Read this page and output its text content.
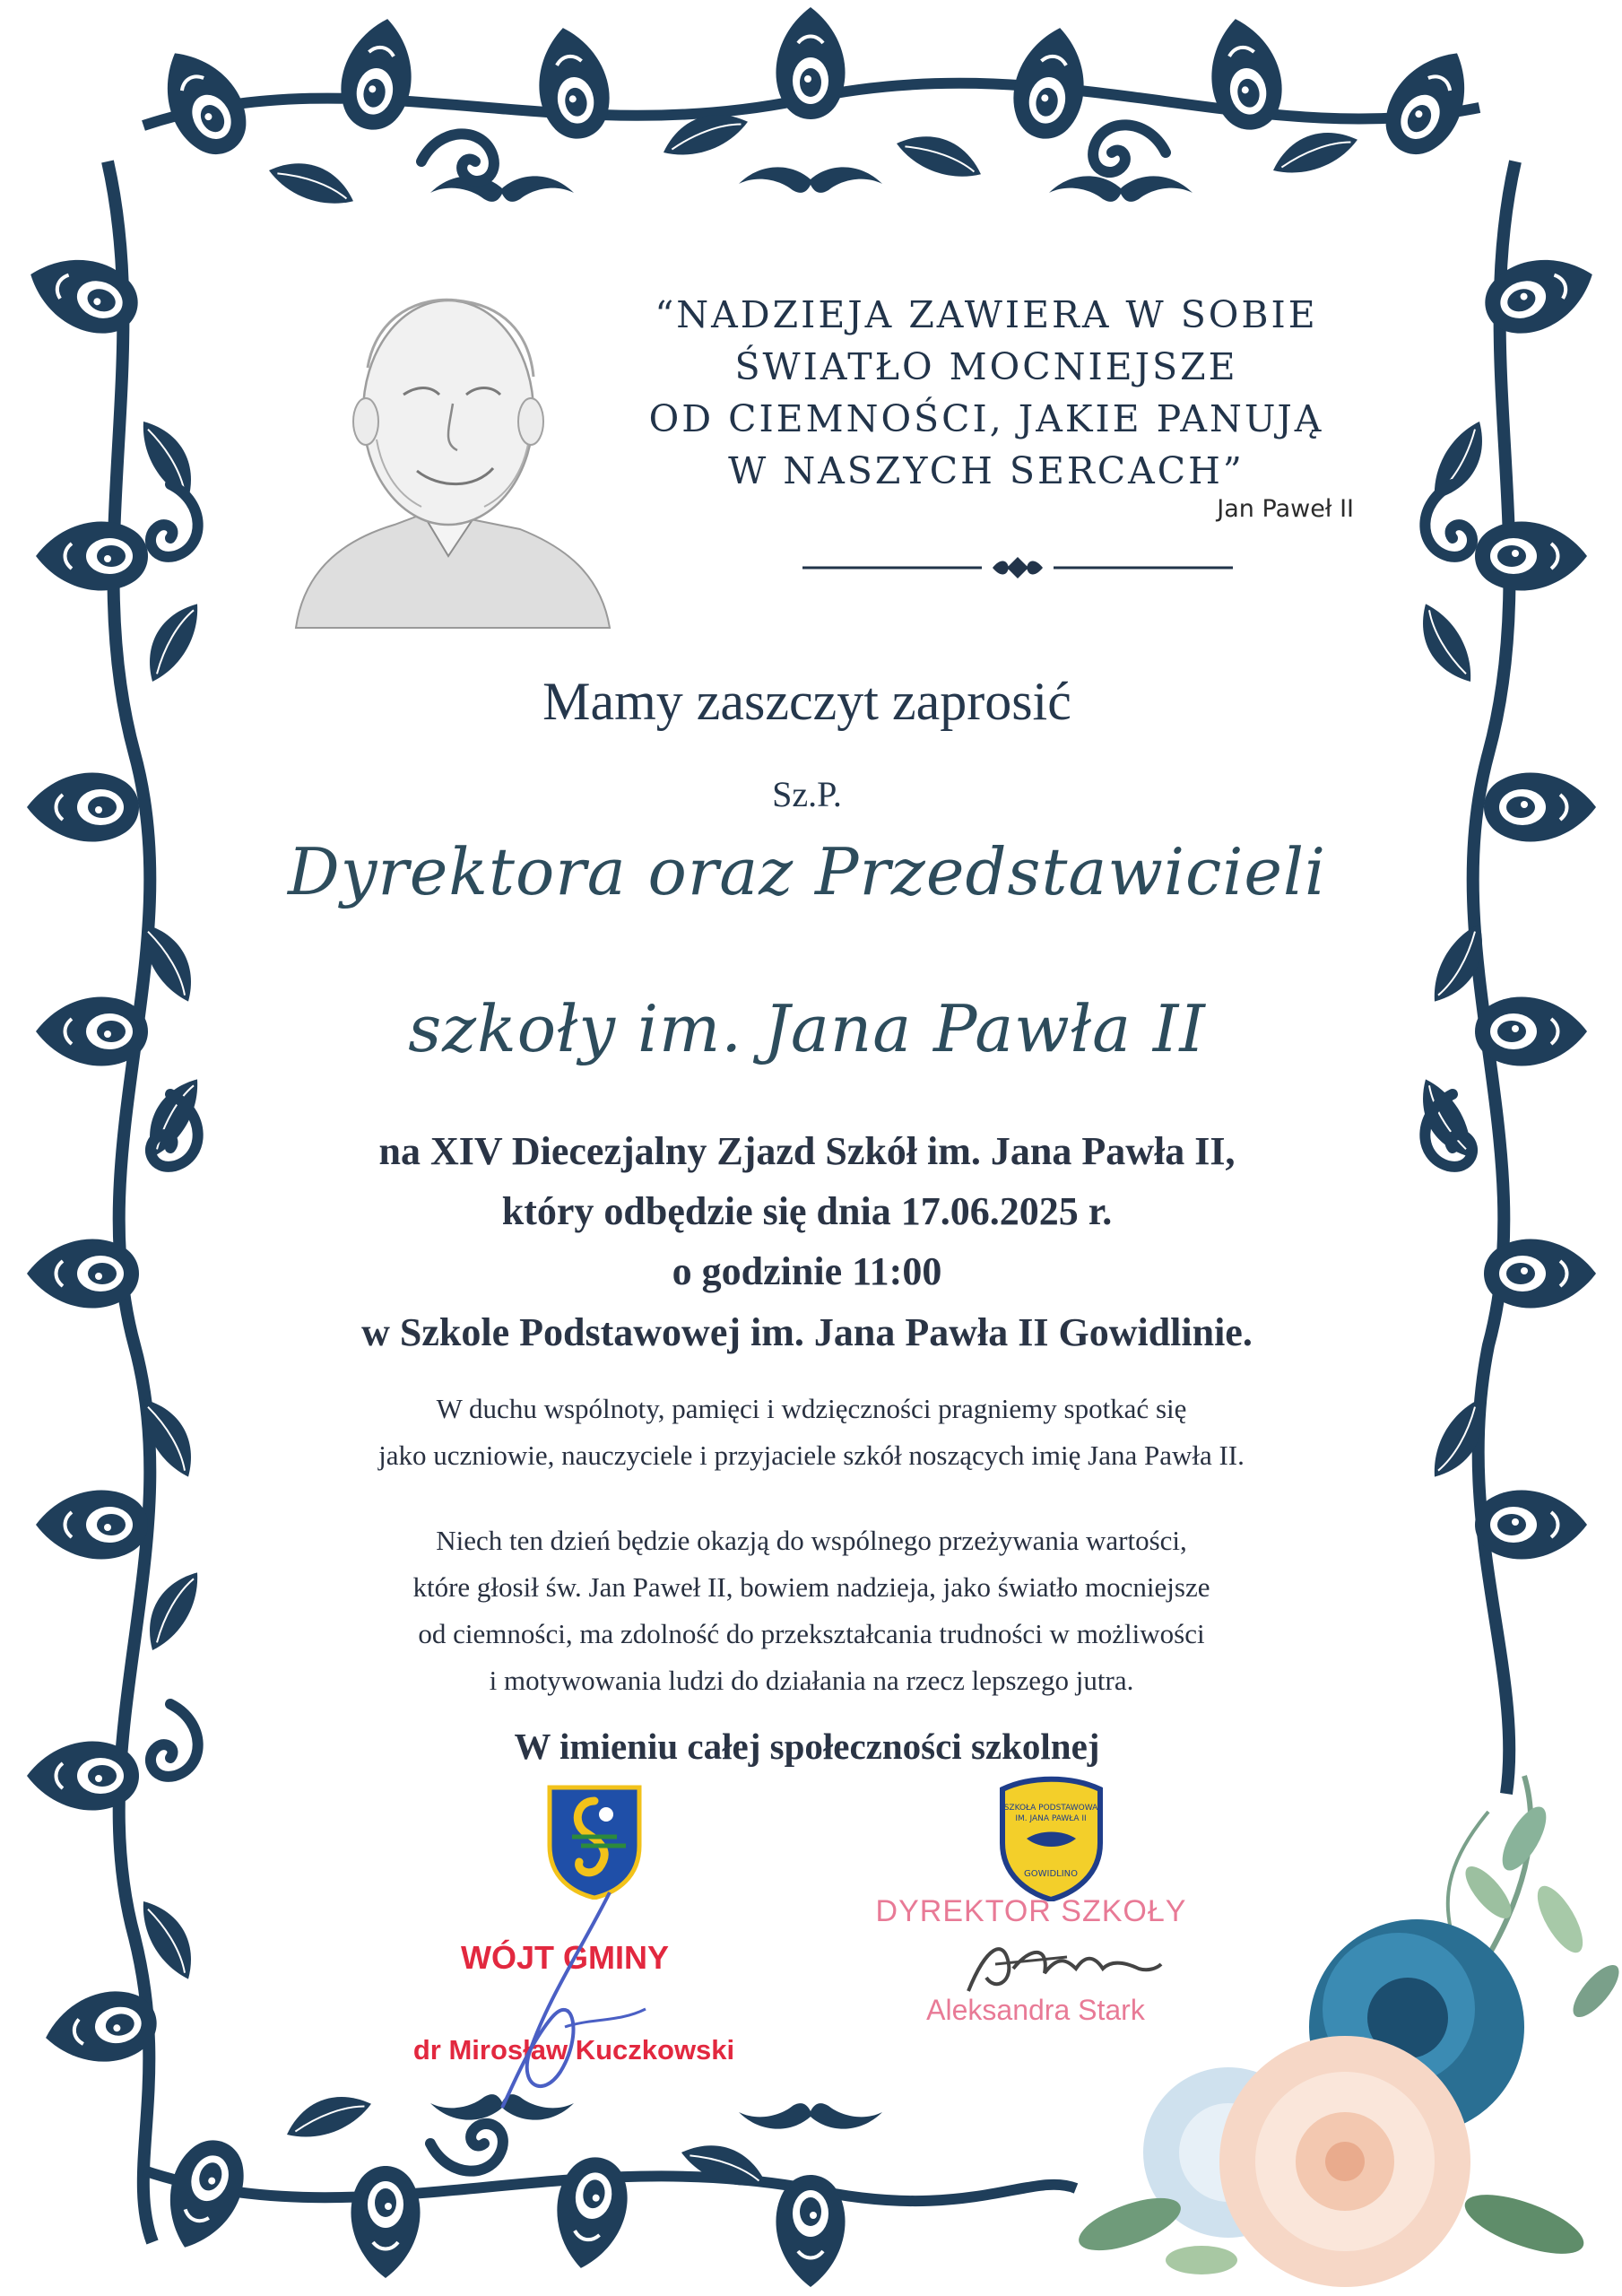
“NADZIEJA ZAWIERA W SOBIE
ŚWIATŁO MOCNIEJSZE
OD CIEMNOŚCI, JAKIE PANUJĄ
W NASZYCH SERCACH”
Jan Paweł II
Mamy zaszczyt zaprosić
Sz.P.
Dyrektora oraz Przedstawicieli
szkoły im. Jana Pawła II
na XIV Diecezjalny Zjazd Szkół im. Jana Pawła II,
który odbędzie się dnia 17.06.2025 r.
o godzinie 11:00
w Szkole Podstawowej im. Jana Pawła II Gowidlinie.
W duchu wspólnoty, pamięci i wdzięczności pragniemy spotkać się
jako uczniowie, nauczyciele i przyjaciele szkół noszących imię Jana Pawła II.
Niech ten dzień będzie okazją do wspólnego przeżywania wartości,
które głosił św. Jan Paweł II, bowiem nadzieja, jako światło mocniejsze
od ciemności, ma zdolność do przekształcania trudności w możliwości
i motywowania ludzi do działania na rzecz lepszego jutra.
W imieniu całej społeczności szkolnej
SZKOŁA PODSTAWOWA
IM. JANA PAWŁA II
GOWIDLINO
WÓJT GMINY
dr Mirosław Kuczkowski
DYREKTOR SZKOŁY
Aleksandra Stark
